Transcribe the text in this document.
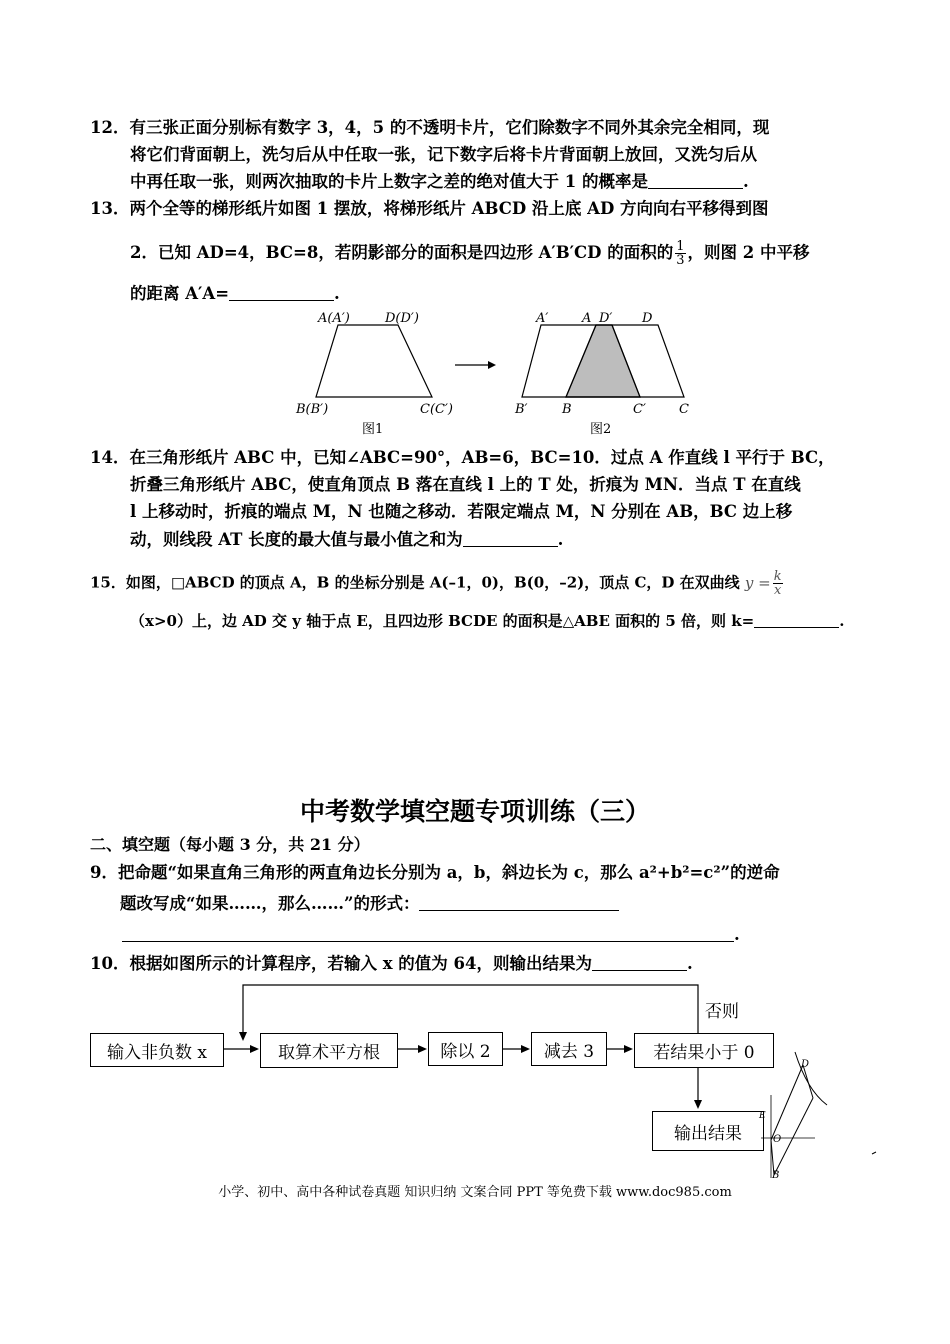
12．有三张正面分别标有数字 3，4，5 的不透明卡片，它们除数字不同外其余完全相同，现
将它们背面朝上，洗匀后从中任取一张，记下数字后将卡片背面朝上放回，又洗匀后从
中再任取一张，则两次抽取的卡片上数字之差的绝对值大于 1 的概率是	.
13．两个全等的梯形纸片如图 1 摆放，将梯形纸片 ABCD 沿上底 AD 方向向右平移得到图
2．已知 AD=4，BC=8，若阴影部分的面积是四边形 A′B′CD 的面积的 $\frac{1}{3}$ ，则图 2 中平移
的距离 A′A=	.
A(A′)	D(D′)
B(B′)	C(C′)
图1
A′	A D′ D
B′	B	C′	C
图2
14．在三角形纸片 ABC 中，已知∠ABC=90°，AB=6，BC=10．过点 A 作直线 l 平行于 BC，
折叠三角形纸片 ABC，使直角顶点 B 落在直线 l 上的 T 处，折痕为 MN．当点 T 在直线
l 上移动时，折痕的端点 M，N 也随之移动．若限定端点 M，N 分别在 AB，BC 边上移
动，则线段 AT 长度的最大值与最小值之和为	.
15．如图，□ABCD 的顶点 A，B 的坐标分别是 A(–1，0)，B(0，–2)，顶点 C，D 在双曲线 $y = \frac{k}{x}$
（x>0）上，边 AD 交 y 轴于点 E，且四边形 BCDE 的面积是△ABE 面积的 5 倍，则 k=	.
中考数学填空题专项训练（三）
二、填空题（每小题 3 分，共 21 分）
9．把命题“如果直角三角形的两直角边长分别为 a，b，斜边长为 c，那么 a²+b²=c²”的逆命
题改写成“如果……，那么……”的形式：
.
10．根据如图所示的计算程序，若输入 x 的值为 64，则输出结果为	.
输入非负数 x	取算术平方根	除以 2	减去 3	若结果小于 0
否则
输出结果
D
E
O
B
小学、初中、高中各种试卷真题 知识归纳 文案合同 PPT 等免费下载 www.doc985.com
